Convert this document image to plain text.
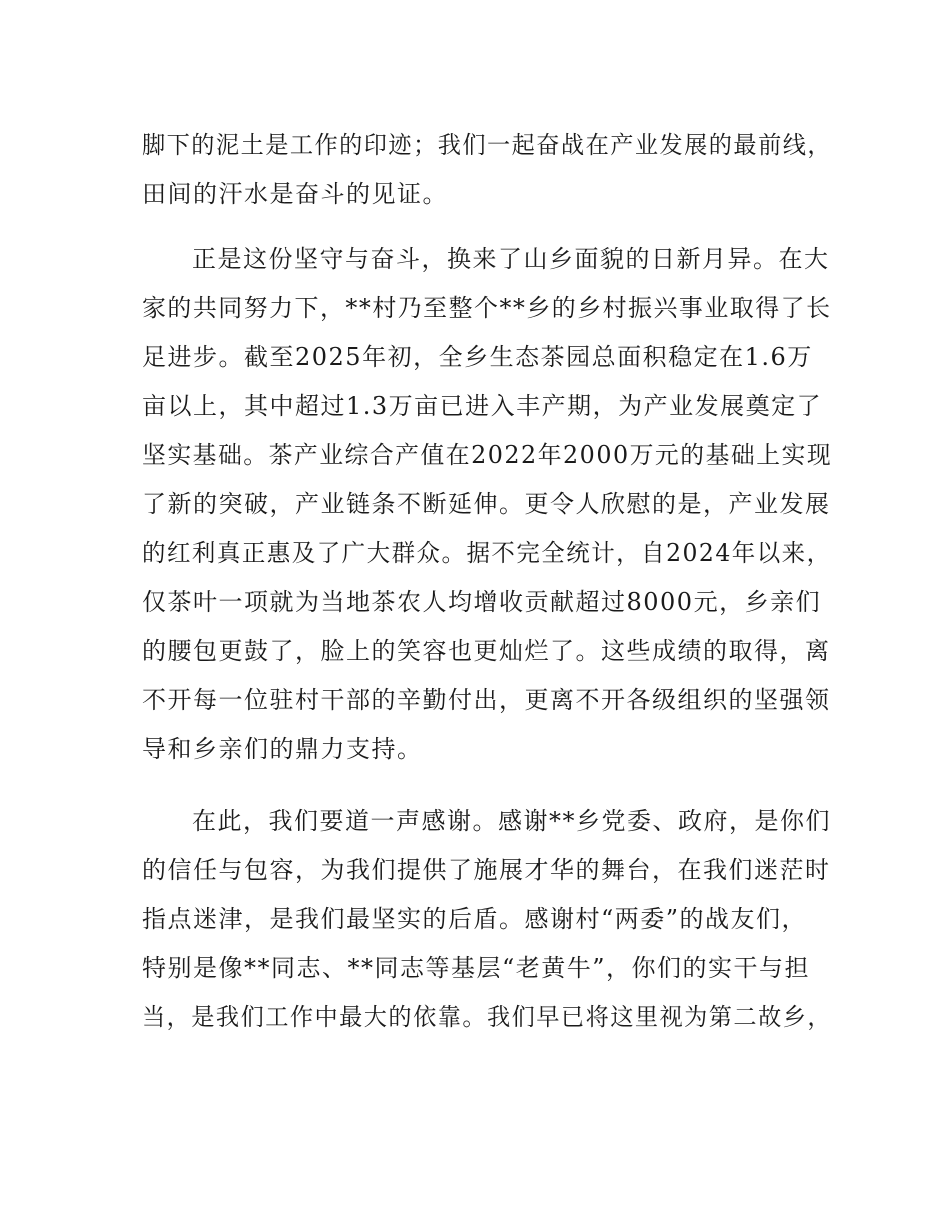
脚下的泥土是工作的印迹；我们一起奋战在产业发展的最前线，
田间的汗水是奋斗的见证。
正是这份坚守与奋斗，换来了山乡面貌的日新月异。在大
家的共同努力下，**村乃至整个**乡的乡村振兴事业取得了长
足进步。截至2025年初，全乡生态茶园总面积稳定在1.6万
亩以上，其中超过1.3万亩已进入丰产期，为产业发展奠定了
坚实基础。茶产业综合产值在2022年2000万元的基础上实现
了新的突破，产业链条不断延伸。更令人欣慰的是，产业发展
的红利真正惠及了广大群众。据不完全统计，自2024年以来，
仅茶叶一项就为当地茶农人均增收贡献超过8000元，乡亲们
的腰包更鼓了，脸上的笑容也更灿烂了。这些成绩的取得，离
不开每一位驻村干部的辛勤付出，更离不开各级组织的坚强领
导和乡亲们的鼎力支持。
在此，我们要道一声感谢。感谢**乡党委、政府，是你们
的信任与包容，为我们提供了施展才华的舞台，在我们迷茫时
指点迷津，是我们最坚实的后盾。感谢村“两委”的战友们，
特别是像**同志、**同志等基层“老黄牛”，你们的实干与担
当，是我们工作中最大的依靠。我们早已将这里视为第二故乡，
